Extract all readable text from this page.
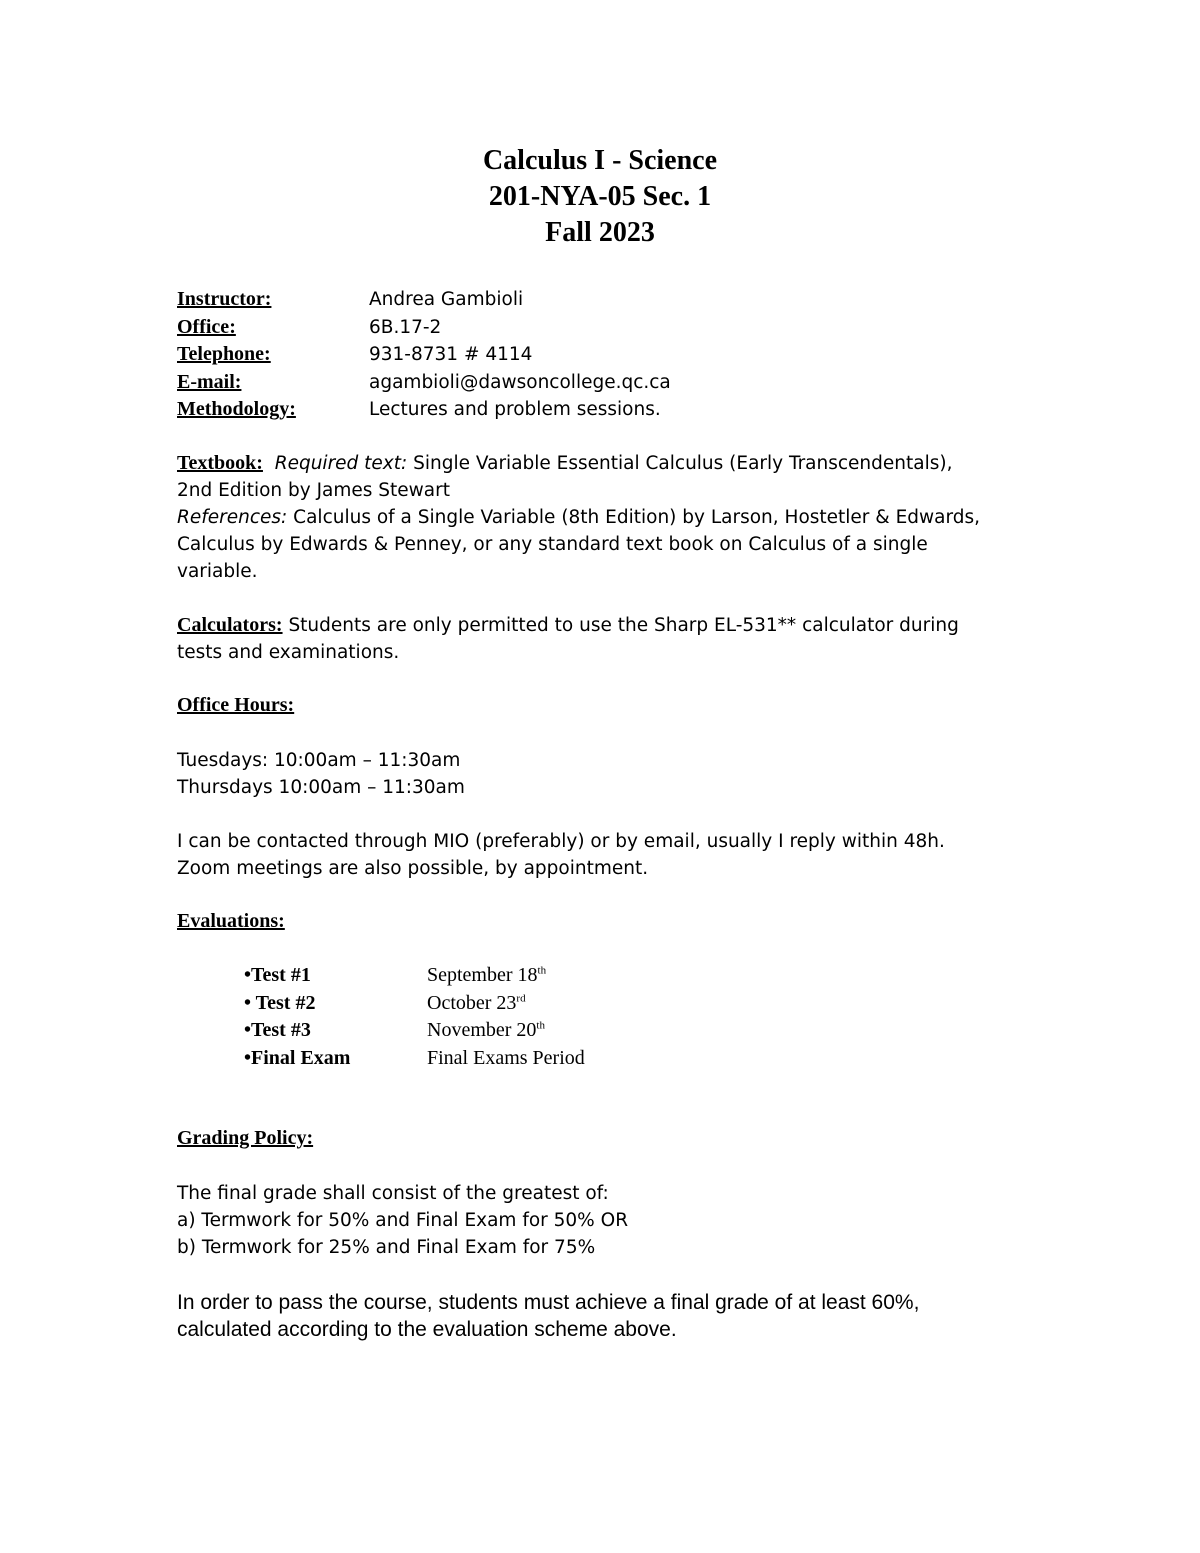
Calculus I - Science
201-NYA-05 Sec. 1
Fall 2023
Instructor:	Andrea Gambioli
Office:	6B.17-2
Telephone:	931-8731 # 4114
E-mail:	agambioli@dawsoncollege.qc.ca
Methodology:	Lectures and problem sessions.
Textbook: Required text: Single Variable Essential Calculus (Early Transcendentals),
2nd Edition by James Stewart
References: Calculus of a Single Variable (8th Edition) by Larson, Hostetler & Edwards,
Calculus by Edwards & Penney, or any standard text book on Calculus of a single
variable.
Calculators: Students are only permitted to use the Sharp EL-531** calculator during
tests and examinations.
Office Hours:
Tuesdays: 10:00am – 11:30am
Thursdays 10:00am – 11:30am
I can be contacted through MIO (preferably) or by email, usually I reply within 48h.
Zoom meetings are also possible, by appointment.
Evaluations:
•Test #1	September 18th
• Test #2	October 23rd
•Test #3	November 20th
•Final Exam	Final Exams Period
Grading Policy:
The final grade shall consist of the greatest of:
a) Termwork for 50% and Final Exam for 50% OR
b) Termwork for 25% and Final Exam for 75%
In order to pass the course, students must achieve a final grade of at least 60%,
calculated according to the evaluation scheme above.
